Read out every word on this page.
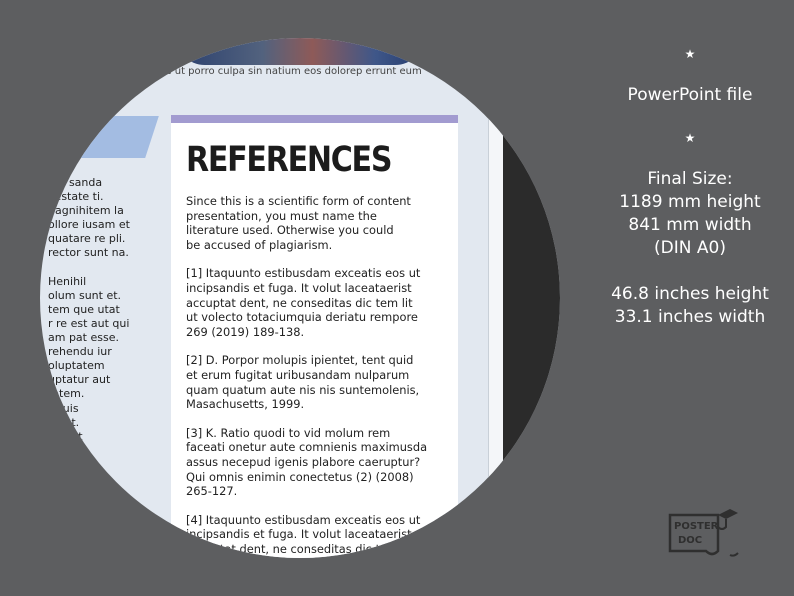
★
PowerPoint file
★
Final Size:
1189 mm height
841 mm width
(DIN A0)
46.8 inches height
33.1 inches width
us ut porro culpa sin natium eos dolorep errunt eum
ma sanda
i estate ti.
nagnihitem la
ollore iusam et
quatare re pli.
rector sunt na.

Henihil
olum sunt et.
tem que utat
r re est aut qui
am pat esse.
rehendu iur
oluptatem
uptatur aut
tatem.
t quis
ti est.
sit aut
usti
REFERENCES
Since this is a scientific form of content
presentation, you must name the
literature used. Otherwise you could
be accused of plagiarism.
[1] Itaquunto estibusdam exceatis eos ut
incipsandis et fuga. It volut laceataerist
accuptat dent, ne conseditas dic tem lit
ut volecto totaciumquia deriatu rempore
269 (2019) 189-138.
[2] D. Porpor molupis ipientet, tent quid
et erum fugitat uribusandam nulparum
quam quatum aute nis nis suntemolenis,
Masachusetts, 1999.
[3] K. Ratio quodi to vid molum rem
faceati onetur aute comnienis maximusda
assus necepud igenis plabore caeruptur?
Qui omnis enimin conectetus (2) (2008)
265-127.
[4] Itaquunto estibusdam exceatis eos ut
incipsandis et fuga. It volut laceataerist
accuptat dent, ne conseditas dic tem lit
POSTER
DOC
